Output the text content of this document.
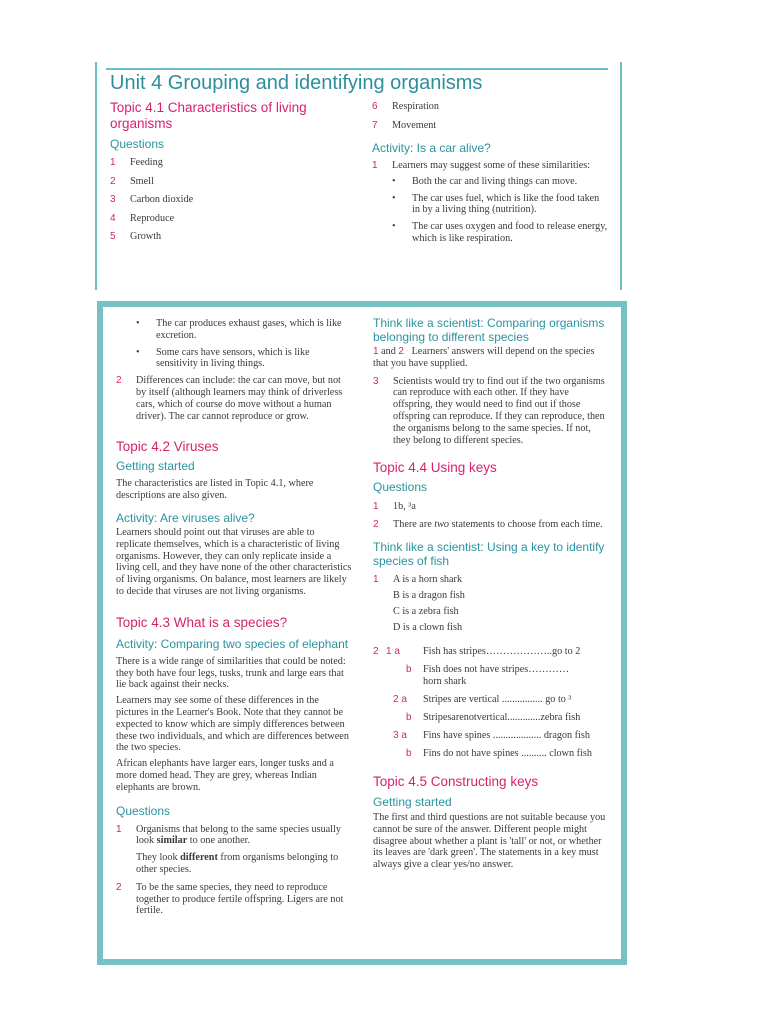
Unit 4 Grouping and identifying organisms
Topic 4.1 Characteristics of living
organisms
Questions
1 Feeding
2 Smell
3 Carbon dioxide
4 Reproduce
5 Growth
6 Respiration
7 Movement
Activity: Is a car alive?
1 Learners may suggest some of these similarities:
• Both the car and living things can move.
• The car uses fuel, which is like the food taken in by a living thing (nutrition).
• The car uses oxygen and food to release energy, which is like respiration.
• The car produces exhaust gases, which is like excretion.
• Some cars have sensors, which is like sensitivity in living things.
2 Differences can include: the car can move, but not by itself (although learners may think of driverless cars, which of course do move without a human driver). The car cannot reproduce or grow.
Topic 4.2 Viruses
Getting started
The characteristics are listed in Topic 4.1, where descriptions are also given.
Activity: Are viruses alive?
Learners should point out that viruses are able to replicate themselves, which is a characteristic of living organisms. However, they can only replicate inside a living cell, and they have none of the other characteristics of living organisms. On balance, most learners are likely to decide that viruses are not living organisms.
Topic 4.3 What is a species?
Activity: Comparing two species of elephant
There is a wide range of similarities that could be noted: they both have four legs, tusks, trunk and large ears that lie back against their necks.
Learners may see some of these differences in the pictures in the Learner's Book. Note that they cannot be expected to know which are simply differences between these two individuals, and which are differences between the two species.
African elephants have larger ears, longer tusks and a more domed head. They are grey, whereas Indian elephants are brown.
Questions
1 Organisms that belong to the same species usually look similar to one another.
They look different from organisms belonging to other species.
2 To be the same species, they need to reproduce together to produce fertile offspring. Ligers are not fertile.
Think like a scientist: Comparing organisms belonging to different species
1 and 2 Learners' answers will depend on the species that you have supplied.
3 Scientists would try to find out if the two organisms can reproduce with each other. If they have offspring, they would need to find out if those offspring can reproduce. If they can reproduce, then the organisms belong to the same species. If not, they belong to different species.
Topic 4.4 Using keys
Questions
1 1b, ³a
2 There are two statements to choose from each time.
Think like a scientist: Using a key to identify species of fish
1 A is a horn shark
B is a dragon fish
C is a zebra fish
D is a clown fish
2 1 a Fish has stripes………………..go to 2
b Fish does not have stripes…………
horn shark
2 a Stripes are vertical ................ go to ³
b Stripesarenotvertical.............zebra fish
3 a Fins have spines ................... dragon fish
b Fins do not have spines .......... clown fish
Topic 4.5 Constructing keys
Getting started
The first and third questions are not suitable because you cannot be sure of the answer. Different people might disagree about whether a plant is 'tall' or not, or whether its leaves are 'dark green'. The statements in a key must always give a clear yes/no answer.
